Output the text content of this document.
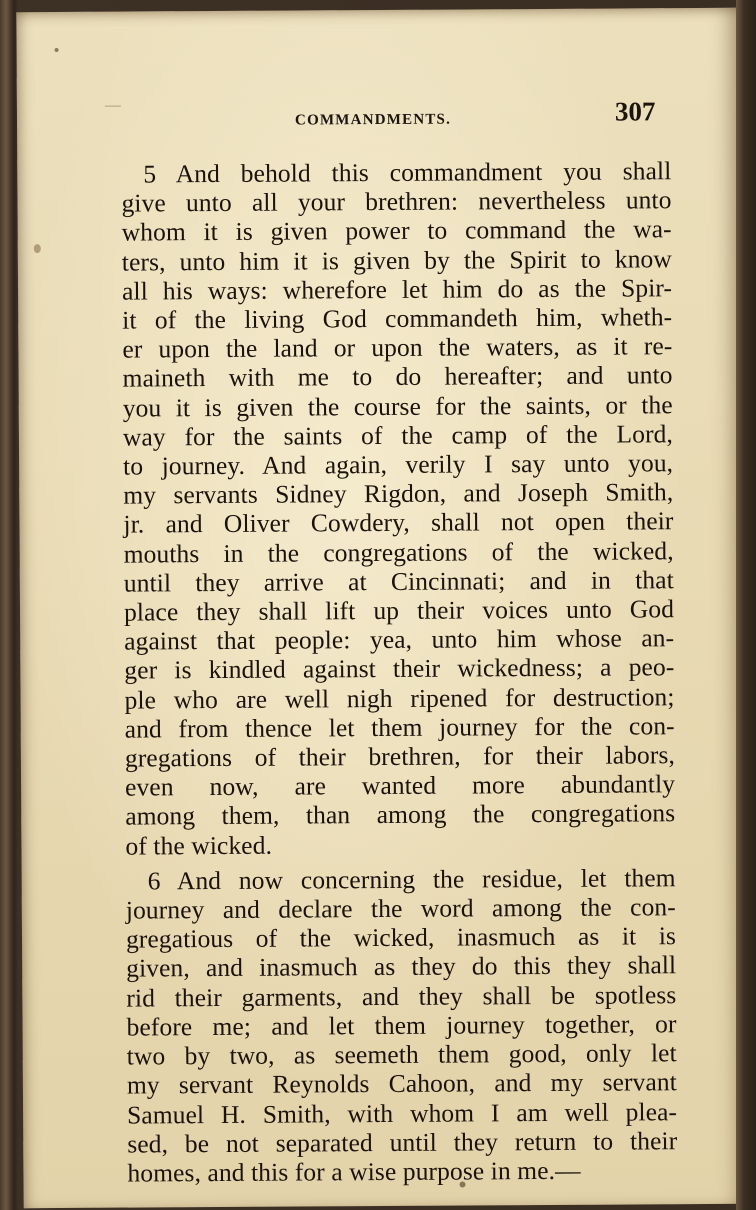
COMMANDMENTS.	307
5 And behold this commandment you shall
give unto all your brethren: nevertheless unto
whom it is given power to command the wa-
ters, unto him it is given by the Spirit to know
all his ways: wherefore let him do as the Spir-
it of the living God commandeth him, wheth-
er upon the land or upon the waters, as it re-
maineth with me to do hereafter; and unto
you it is given the course for the saints, or the
way for the saints of the camp of the Lord,
to journey. And again, verily I say unto you,
my servants Sidney Rigdon, and Joseph Smith,
jr. and Oliver Cowdery, shall not open their
mouths in the congregations of the wicked,
until they arrive at Cincinnati; and in that
place they shall lift up their voices unto God
against that people: yea, unto him whose an-
ger is kindled against their wickedness; a peo-
ple who are well nigh ripened for destruction;
and from thence let them journey for the con-
gregations of their brethren, for their labors,
even now, are wanted more abundantly
among them, than among the congregations
of the wicked.
6 And now concerning the residue, let them
journey and declare the word among the con-
gregatious of the wicked, inasmuch as it is
given, and inasmuch as they do this they shall
rid their garments, and they shall be spotless
before me; and let them journey together, or
two by two, as seemeth them good, only let
my servant Reynolds Cahoon, and my servant
Samuel H. Smith, with whom I am well plea-
sed, be not separated until they return to their
homes, and this for a wise purpose in me.—
